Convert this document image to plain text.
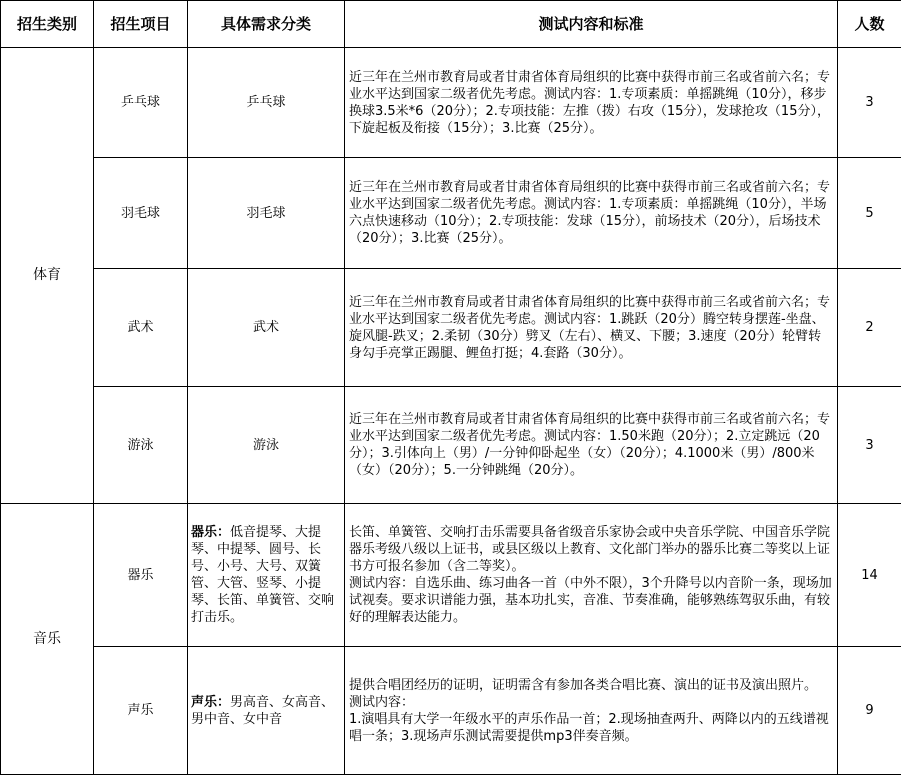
招生类别	招生项目	具体需求分类	测试内容和标准	人数
体育	乒乓球	乒乓球	近三年在兰州市教育局或者甘肃省体育局组织的比赛中获得市前三名或省前六名；专业水平达到国家二级者优先考虑。测试内容：1.专项素质：单摇跳绳（10分），移步换球3.5米*6（20分）；2.专项技能：左推（拨）右攻（15分），发球抢攻（15分），下旋起板及衔接（15分）；3.比赛（25分）。	3
	羽毛球	羽毛球	近三年在兰州市教育局或者甘肃省体育局组织的比赛中获得市前三名或省前六名；专业水平达到国家二级者优先考虑。测试内容：1.专项素质：单摇跳绳（10分），半场六点快速移动（10分）；2.专项技能：发球（15分），前场技术（20分），后场技术（20分）；3.比赛（25分）。	5
	武术	武术	近三年在兰州市教育局或者甘肃省体育局组织的比赛中获得市前三名或省前六名；专业水平达到国家二级者优先考虑。测试内容：1.跳跃（20分）腾空转身摆莲-坐盘、旋风腿-跌叉；2.柔韧（30分）劈叉（左右）、横叉、下腰；3.速度（20分）轮臂转身勾手亮掌正踢腿、鲤鱼打挺；4.套路（30分）。	2
	游泳	游泳	近三年在兰州市教育局或者甘肃省体育局组织的比赛中获得市前三名或省前六名；专业水平达到国家二级者优先考虑。测试内容：1.50米跑（20分）；2.立定跳远（20分）；3.引体向上（男）/一分钟仰卧起坐（女）（20分）；4.1000米（男）/800米（女）（20分）；5.一分钟跳绳（20分）。	3
音乐	器乐	器乐：低音提琴、大提琴、中提琴、圆号、长号、小号、大号、双簧管、大管、竖琴、小提琴、长笛、单簧管、交响打击乐。	长笛、单簧管、交响打击乐需要具备省级音乐家协会或中央音乐学院、中国音乐学院器乐考级八级以上证书，或县区级以上教育、文化部门举办的器乐比赛二等奖以上证书方可报名参加（含二等奖）。
测试内容：自选乐曲、练习曲各一首（中外不限），3个升降号以内音阶一条，现场加试视奏。要求识谱能力强，基本功扎实，音准、节奏准确，能够熟练驾驭乐曲，有较好的理解表达能力。	14
	声乐	声乐：男高音、女高音、男中音、女中音	提供合唱团经历的证明，证明需含有参加各类合唱比赛、演出的证书及演出照片。
测试内容：
1.演唱具有大学一年级水平的声乐作品一首；2.现场抽查两升、两降以内的五线谱视唱一条；3.现场声乐测试需要提供mp3伴奏音频。	9
